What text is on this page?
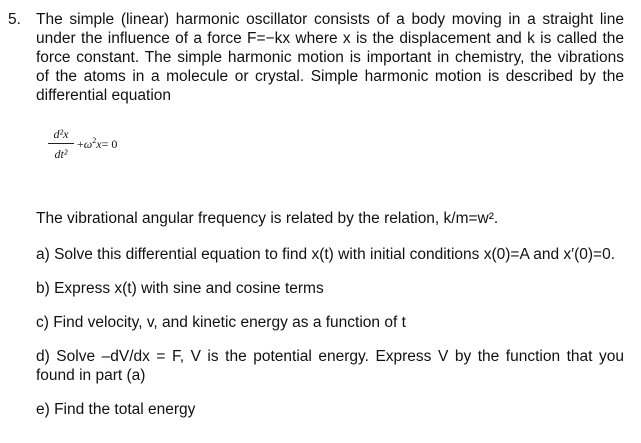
5. The simple (linear) harmonic oscillator consists of a body moving in a straight line under the influence of a force F=−kx where x is the displacement and k is called the force constant. The simple harmonic motion is important in chemistry, the vibrations of the atoms in a molecule or crystal. Simple harmonic motion is described by the differential equation

d²x
dt²
$+\omega^2x= 0$

The vibrational angular frequency is related by the relation, k/m=w².

a) Solve this differential equation to find x(t) with initial conditions x(0)=A and x′(0)=0.

b) Express x(t) with sine and cosine terms

c) Find velocity, v, and kinetic energy as a function of t

d) Solve –dV/dx = F, V is the potential energy. Express V by the function that you found in part (a)

e) Find the total energy
